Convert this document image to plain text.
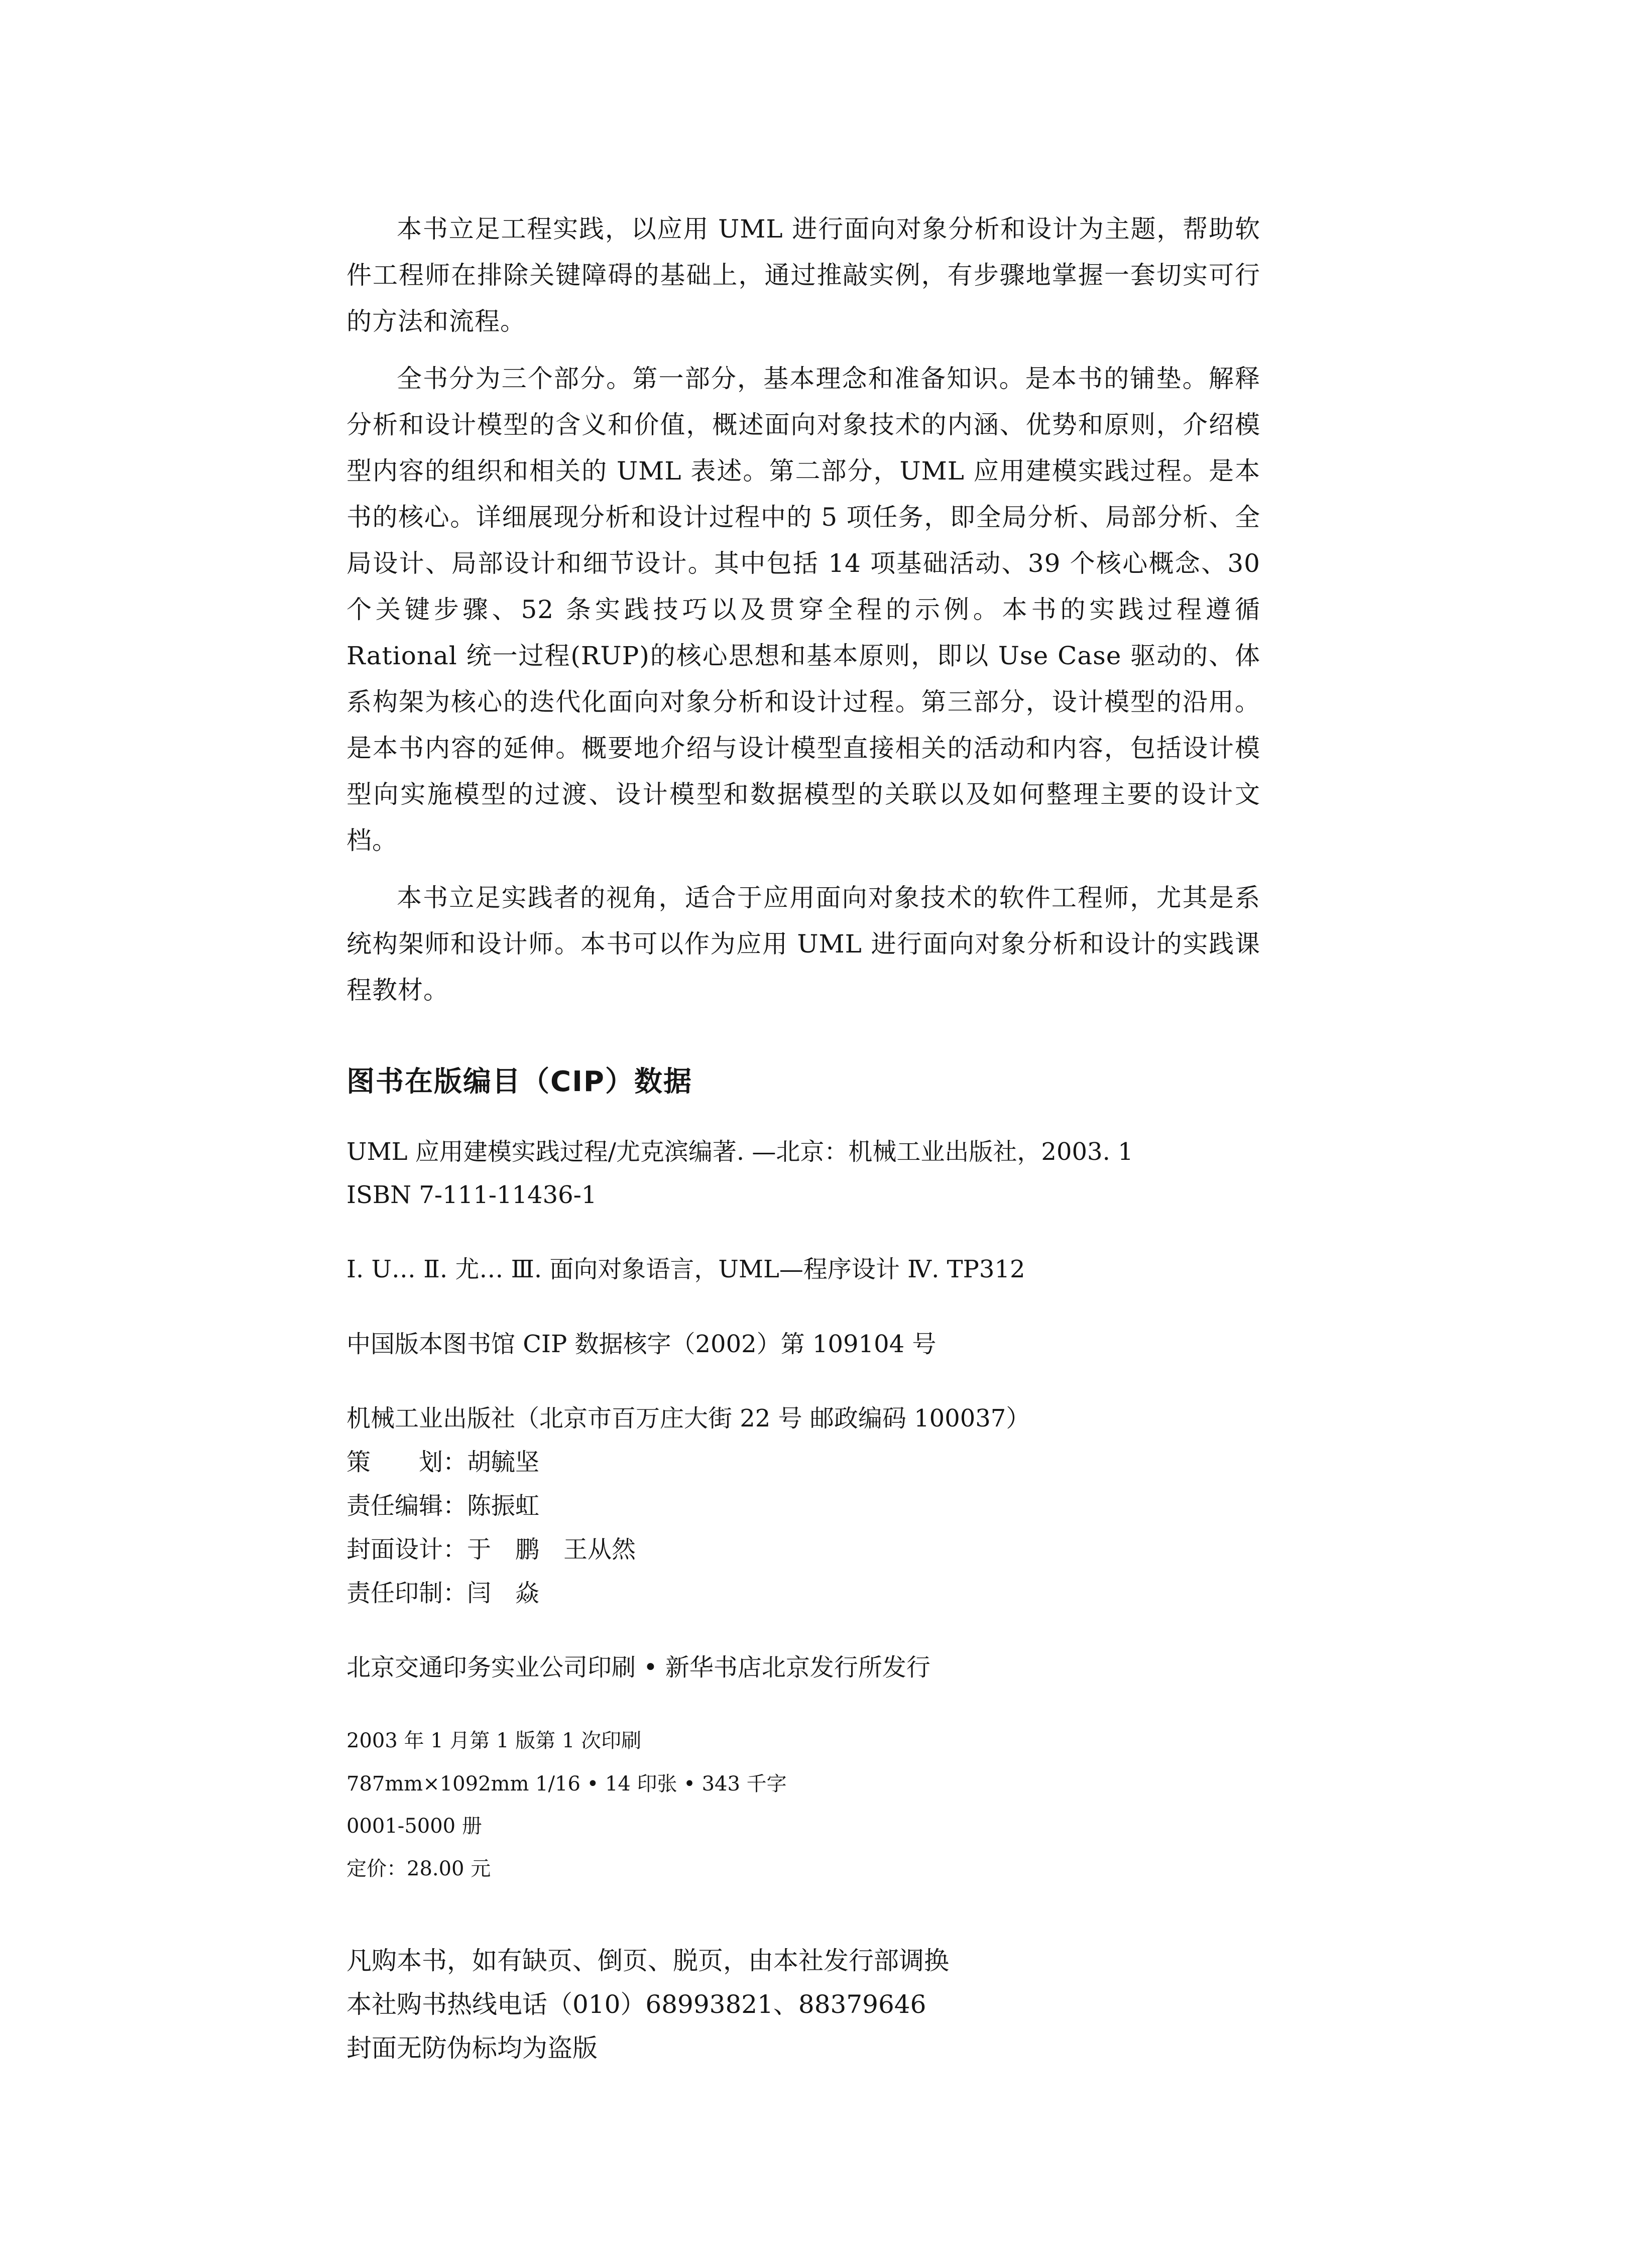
本书立足工程实践，以应用 UML 进行面向对象分析和设计为主题，帮助软件工程师在排除关键障碍的基础上，通过推敲实例，有步骤地掌握一套切实可行的方法和流程。

全书分为三个部分。第一部分，基本理念和准备知识。是本书的铺垫。解释分析和设计模型的含义和价值，概述面向对象技术的内涵、优势和原则，介绍模型内容的组织和相关的 UML 表述。第二部分，UML 应用建模实践过程。是本书的核心。详细展现分析和设计过程中的 5 项任务，即全局分析、局部分析、全局设计、局部设计和细节设计。其中包括 14 项基础活动、39 个核心概念、30 个关键步骤、52 条实践技巧以及贯穿全程的示例。本书的实践过程遵循 Rational 统一过程(RUP)的核心思想和基本原则，即以 Use Case 驱动的、体系构架为核心的迭代化面向对象分析和设计过程。第三部分，设计模型的沿用。是本书内容的延伸。概要地介绍与设计模型直接相关的活动和内容，包括设计模型向实施模型的过渡、设计模型和数据模型的关联以及如何整理主要的设计文档。

本书立足实践者的视角，适合于应用面向对象技术的软件工程师，尤其是系统构架师和设计师。本书可以作为应用 UML 进行面向对象分析和设计的实践课程教材。

图书在版编目（CIP）数据

UML 应用建模实践过程/尤克滨编著. —北京：机械工业出版社，2003. 1

ISBN 7-111-11436-1

Ⅰ. U… Ⅱ. 尤… Ⅲ. 面向对象语言，UML—程序设计 Ⅳ. TP312

中国版本图书馆 CIP 数据核字（2002）第 109104 号

机械工业出版社（北京市百万庄大街 22 号 邮政编码 100037）

策　　划：胡毓坚

责任编辑：陈振虹

封面设计：于　鹏　王从然

责任印制：闫　焱

北京交通印务实业公司印刷 • 新华书店北京发行所发行

2003 年 1 月第 1 版第 1 次印刷

787mm×1092mm 1/16 • 14 印张 • 343 千字

0001-5000 册

定价：28.00 元

凡购本书，如有缺页、倒页、脱页，由本社发行部调换

本社购书热线电话（010）68993821、88379646

封面无防伪标均为盗版
